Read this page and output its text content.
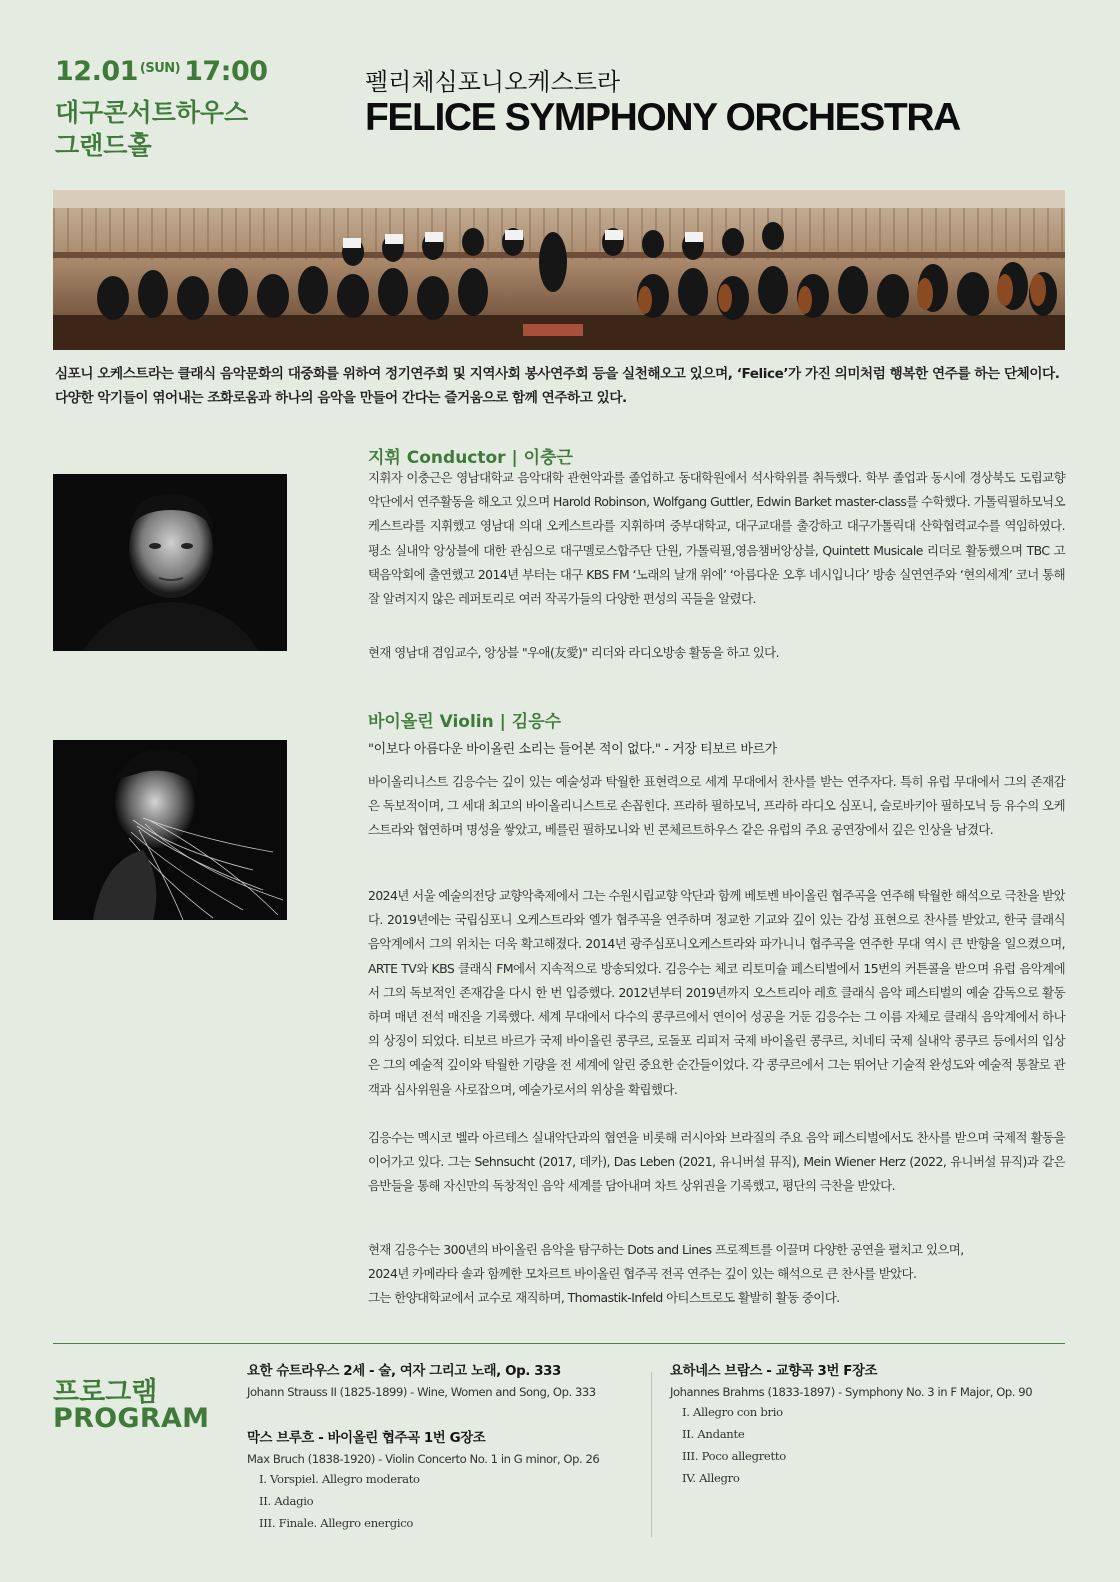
12.01 $^{(SUN)}$ 17:00
대구콘서트하우스
그랜드홀
펠리체심포니오케스트라
FELICE SYMPHONY ORCHESTRA
심포니 오케스트라는 클래식 음악문화의 대중화를 위하여 정기연주회 및 지역사회 봉사연주회 등을 실천해오고 있으며, ‘Felice’가 가진 의미처럼 행복한 연주를 하는 단체이다. 다양한 악기들이 엮어내는 조화로움과 하나의 음악을 만들어 간다는 즐거움으로 함께 연주하고 있다.
지휘 Conductor | 이충근
지휘자 이충근은 영남대학교 음악대학 관현악과를 졸업하고 동대학원에서 석사학위를 취득했다. 학부 졸업과 동시에 경상북도 도립교향악단에서 연주활동을 해오고 있으며 Harold Robinson, Wolfgang Guttler, Edwin Barket master-class를 수학했다. 가톨릭필하모닉오케스트라를 지휘했고 영남대 의대 오케스트라를 지휘하며 중부대학교, 대구교대를 출강하고 대구가톨릭대 산학협력교수를 역임하였다. 평소 실내악 앙상블에 대한 관심으로 대구멜로스합주단 단원, 가톨릭필,영음챔버앙상블, Quintett Musicale 리더로 활동했으며 TBC 고택음악회에 출연했고 2014년 부터는 대구 KBS FM ‘노래의 날개 위에’ ‘아름다운 오후 네시입니다’ 방송 실연연주와 ‘현의세계’ 코너 통해 잘 알려지지 않은 레퍼토리로 여러 작곡가들의 다양한 편성의 곡들을 알렸다.
현재 영남대 겸임교수, 앙상블 "우애(友愛)" 리더와 라디오방송 활동을 하고 있다.
바이올린 Violin | 김응수
"이보다 아름다운 바이올린 소리는 들어본 적이 없다." - 거장 티보르 바르가
바이올리니스트 김응수는 깊이 있는 예술성과 탁월한 표현력으로 세계 무대에서 찬사를 받는 연주자다. 특히 유럽 무대에서 그의 존재감은 독보적이며, 그 세대 최고의 바이올리니스트로 손꼽힌다. 프라하 필하모닉, 프라하 라디오 심포니, 슬로바키아 필하모닉 등 유수의 오케스트라와 협연하며 명성을 쌓았고, 베를린 필하모니와 빈 콘체르트하우스 같은 유럽의 주요 공연장에서 깊은 인상을 남겼다.
2024년 서울 예술의전당 교향악축제에서 그는 수원시립교향 악단과 함께 베토벤 바이올린 협주곡을 연주해 탁월한 해석으로 극찬을 받았다. 2019년에는 국립심포니 오케스트라와 엘가 협주곡을 연주하며 정교한 기교와 깊이 있는 감성 표현으로 찬사를 받았고, 한국 클래식 음악계에서 그의 위치는 더욱 확고해졌다. 2014년 광주심포니오케스트라와 파가니니 협주곡을 연주한 무대 역시 큰 반향을 일으켰으며, ARTE TV와 KBS 클래식 FM에서 지속적으로 방송되었다. 김응수는 체코 리토미슐 페스티벌에서 15번의 커튼콜을 받으며 유럽 음악계에서 그의 독보적인 존재감을 다시 한 번 입증했다. 2012년부터 2019년까지 오스트리아 레흐 클래식 음악 페스티벌의 예술 감독으로 활동하며 매년 전석 매진을 기록했다. 세계 무대에서 다수의 콩쿠르에서 연이어 성공을 거둔 김응수는 그 이름 자체로 클래식 음악계에서 하나의 상징이 되었다. 티보르 바르가 국제 바이올린 콩쿠르, 로돌포 리피저 국제 바이올린 콩쿠르, 치네티 국제 실내악 콩쿠르 등에서의 입상은 그의 예술적 깊이와 탁월한 기량을 전 세계에 알린 중요한 순간들이었다. 각 콩쿠르에서 그는 뛰어난 기술적 완성도와 예술적 통찰로 관객과 심사위원을 사로잡으며, 예술가로서의 위상을 확립했다.
김응수는 멕시코 벨라 아르테스 실내악단과의 협연을 비롯해 러시아와 브라질의 주요 음악 페스티벌에서도 찬사를 받으며 국제적 활동을 이어가고 있다. 그는 Sehnsucht (2017, 데카), Das Leben (2021, 유니버설 뮤직), Mein Wiener Herz (2022, 유니버설 뮤직)과 같은 음반들을 통해 자신만의 독창적인 음악 세계를 담아내며 차트 상위권을 기록했고, 평단의 극찬을 받았다.
현재 김응수는 300년의 바이올린 음악을 탐구하는 Dots and Lines 프로젝트를 이끌며 다양한 공연을 펼치고 있으며,
2024년 카메라타 솔과 함께한 모차르트 바이올린 협주곡 전곡 연주는 깊이 있는 해석으로 큰 찬사를 받았다.
그는 한양대학교에서 교수로 재직하며, Thomastik-Infeld 아티스트로도 활발히 활동 중이다.
프로그램
PROGRAM
요한 슈트라우스 2세 - 술, 여자 그리고 노래, Op. 333
Johann Strauss II (1825-1899) - Wine, Women and Song, Op. 333
막스 브루흐 - 바이올린 협주곡 1번 G장조
Max Bruch (1838-1920) - Violin Concerto No. 1 in G minor, Op. 26
I. Vorspiel. Allegro moderato
II. Adagio
III. Finale. Allegro energico
요하네스 브람스 - 교향곡 3번 F장조
Johannes Brahms (1833-1897) - Symphony No. 3 in F Major, Op. 90
I. Allegro con brio
II. Andante
III. Poco allegretto
IV. Allegro
